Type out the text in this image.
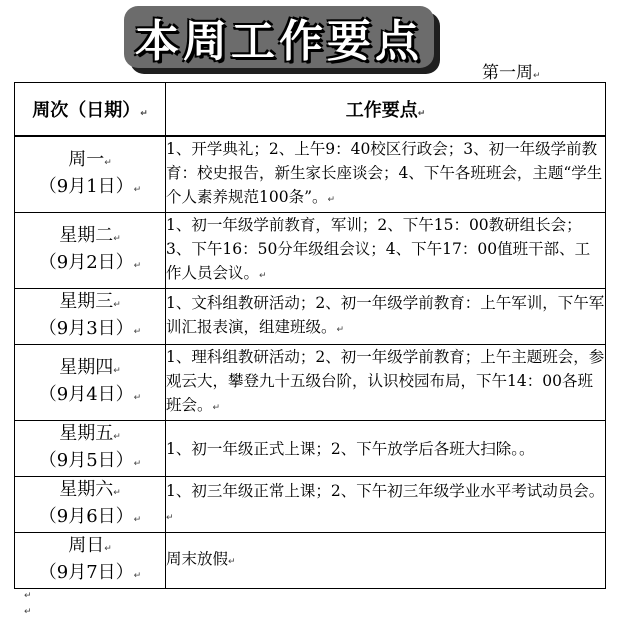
本周工作要点
第一周↵
周次（日期）↵	工作要点↵
周一↵
（9月1日）↵	1、开学典礼；2、上午9：40校区行政会；3、初一年级学前教育：校史报告，新生家长座谈会；4、下午各班班会，主题“学生个人素养规范100条”。↵
星期二↵
（9月2日）↵	1、初一年级学前教育，军训；2、下午15：00教研组长会；3、下午16：50分年级组会议；4、下午17：00值班干部、工作人员会议。↵
星期三↵
（9月3日）↵	1、文科组教研活动；2、初一年级学前教育：上午军训，下午军训汇报表演，组建班级。↵
星期四↵
（9月4日）↵	1、理科组教研活动；2、初一年级学前教育；上午主题班会，参观云大，攀登九十五级台阶，认识校园布局，下午14：00各班班会。↵
星期五↵
（9月5日）↵	1、初一年级正式上课；2、下午放学后各班大扫除。。
星期六↵
（9月6日）↵	1、初三年级正常上课；2、下午初三年级学业水平考试动员会。↵
周日↵
（9月7日）↵	周末放假↵
↵
↵
